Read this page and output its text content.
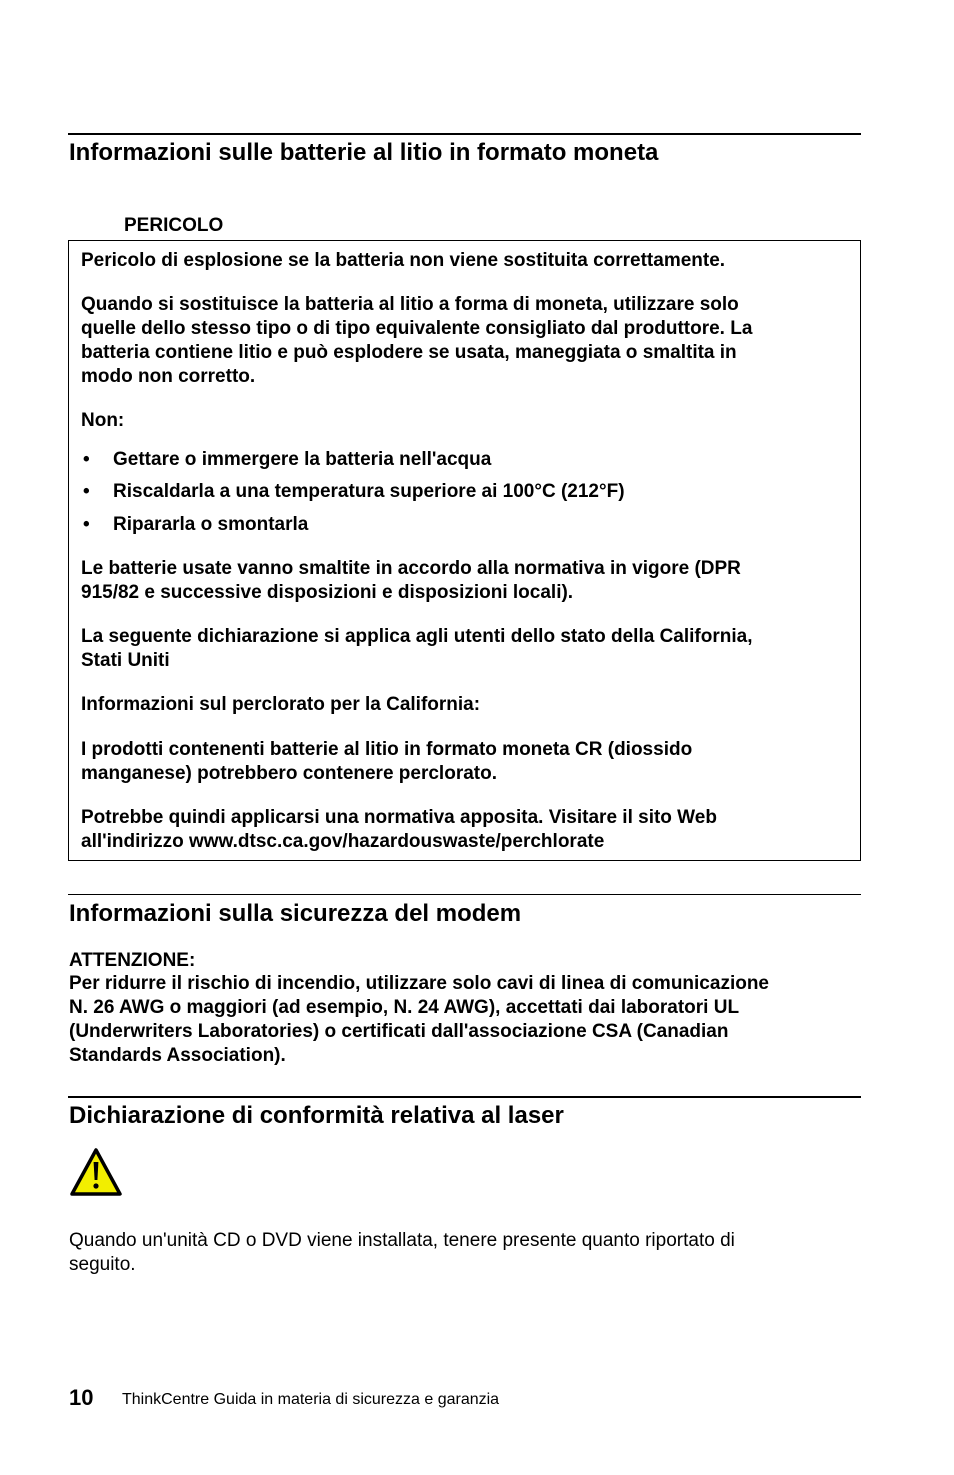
Informazioni sulle batterie al litio in formato moneta
PERICOLO

Pericolo di esplosione se la batteria non viene sostituita correttamente.

Quando si sostituisce la batteria al litio a forma di moneta, utilizzare solo
quelle dello stesso tipo o di tipo equivalente consigliato dal produttore. La
batteria contiene litio e può esplodere se usata, maneggiata o smaltita in
modo non corretto.

Non:

• Gettare o immergere la batteria nell'acqua
• Riscaldarla a una temperatura superiore ai 100°C (212°F)
• Ripararla o smontarla

Le batterie usate vanno smaltite in accordo alla normativa in vigore (DPR
915/82 e successive disposizioni e disposizioni locali).

La seguente dichiarazione si applica agli utenti dello stato della California,
Stati Uniti

Informazioni sul perclorato per la California:

I prodotti contenenti batterie al litio in formato moneta CR (diossido
manganese) potrebbero contenere perclorato.

Potrebbe quindi applicarsi una normativa apposita. Visitare il sito Web
all'indirizzo www.dtsc.ca.gov/hazardouswaste/perchlorate

Informazioni sulla sicurezza del modem
ATTENZIONE:

Per ridurre il rischio di incendio, utilizzare solo cavi di linea di comunicazione
N. 26 AWG o maggiori (ad esempio, N. 24 AWG), accettati dai laboratori UL
(Underwriters Laboratories) o certificati dall'associazione CSA (Canadian
Standards Association).

Dichiarazione di conformità relativa al laser

Quando un'unità CD o DVD viene installata, tenere presente quanto riportato di
seguito.

10 ThinkCentre Guida in materia di sicurezza e garanzia
